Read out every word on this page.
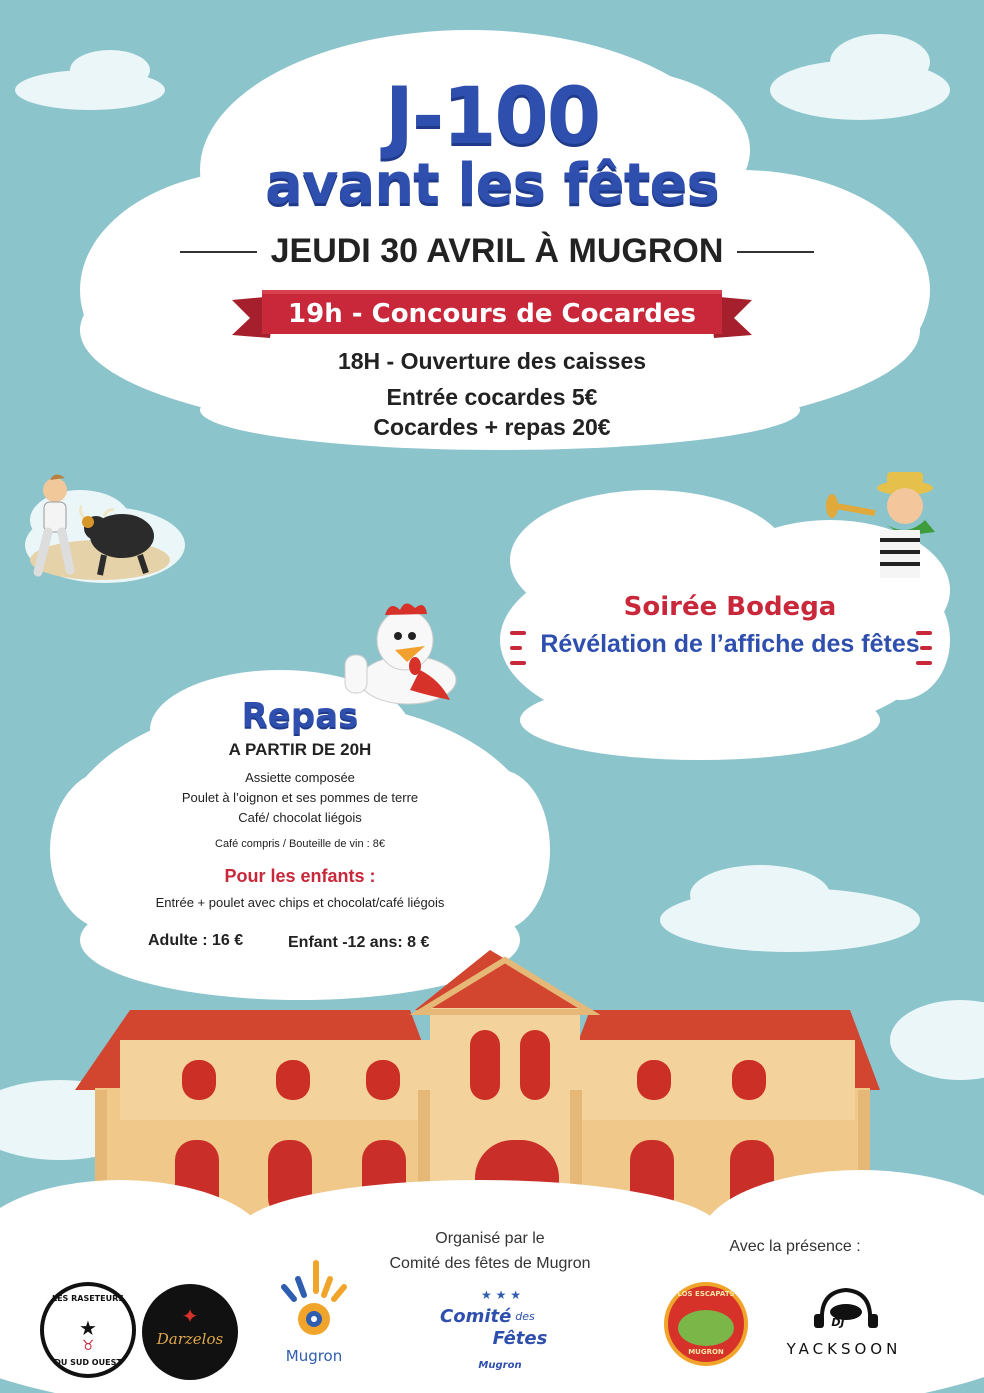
J-100
avant les fêtes
JEUDI 30 AVRIL À MUGRON
19h - Concours de Cocardes
18H - Ouverture des caisses
Entrée cocardes 5€
Cocardes + repas 20€
Soirée Bodega
Révélation de l’affiche des fêtes
Repas
A PARTIR DE 20H
Assiette composée
Poulet à l’oignon et ses pommes de terre
Café/ chocolat liégois
Café compris / Bouteille de vin : 8€
Pour les enfants :
Entrée + poulet avec chips et chocolat/café liégois
Adulte : 16 €	Enfant -12 ans: 8 €
Organisé par le
Comité des fêtes de Mugron
Avec la présence :
LES RASETEURS
★
♉
DU SUD OUEST
✦
Darzelos
Mugron
★ ★ ★
Comité des
Fêtes
Mugron
LOS ESCAPATS
MUGRON
DJ
YACKSOON
